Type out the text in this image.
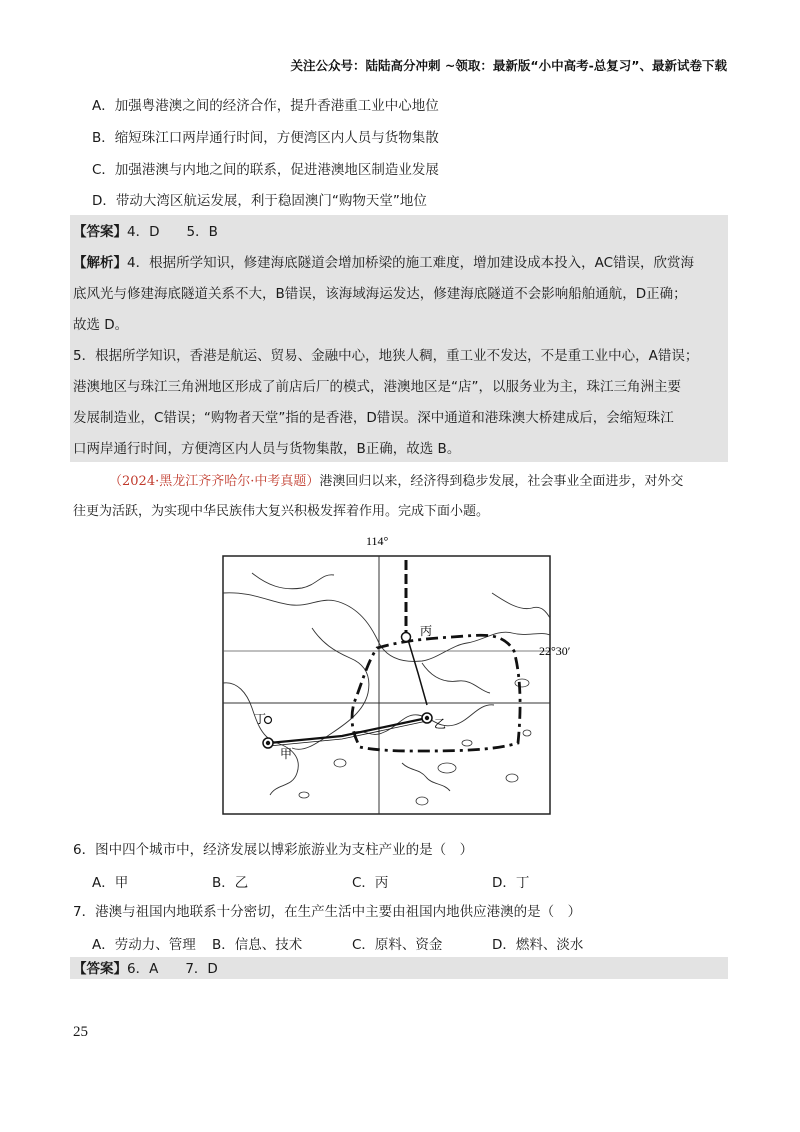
关注公众号：陆陆高分冲刺 ~领取：最新版“小中高考-总复习”、最新试卷下载
A．加强粤港澳之间的经济合作，提升香港重工业中心地位
B．缩短珠江口两岸通行时间，方便湾区内人员与货物集散
C．加强港澳与内地之间的联系，促进港澳地区制造业发展
D．带动大湾区航运发展，利于稳固澳门“购物天堂”地位
【答案】4．D　　5．B
【解析】4．根据所学知识，修建海底隧道会增加桥梁的施工难度，增加建设成本投入，AC错误，欣赏海
底风光与修建海底隧道关系不大，B错误，该海域海运发达，修建海底隧道不会影响船舶通航，D正确；
故选 D。
5．根据所学知识，香港是航运、贸易、金融中心，地狭人稠，重工业不发达，不是重工业中心，A错误；
港澳地区与珠江三角洲地区形成了前店后厂的模式，港澳地区是“店”，以服务业为主，珠江三角洲主要
发展制造业，C错误；“购物者天堂”指的是香港，D错误。深中通道和港珠澳大桥建成后，会缩短珠江
口两岸通行时间，方便湾区内人员与货物集散，B正确，故选 B。
（2024·黑龙江齐齐哈尔·中考真题）港澳回归以来，经济得到稳步发展，社会事业全面进步，对外交
往更为活跃，为实现中华民族伟大复兴积极发挥着作用。完成下面小题。
丙
乙
丁
甲
114°
22°30′
6．图中四个城市中，经济发展以博彩旅游业为支柱产业的是（　）
A．甲	B．乙	C．丙	D．丁
7．港澳与祖国内地联系十分密切，在生产生活中主要由祖国内地供应港澳的是（　）
A．劳动力、管理 B．信息、技术	C．原料、资金	D．燃料、淡水
【答案】6．A　　7．D
25
